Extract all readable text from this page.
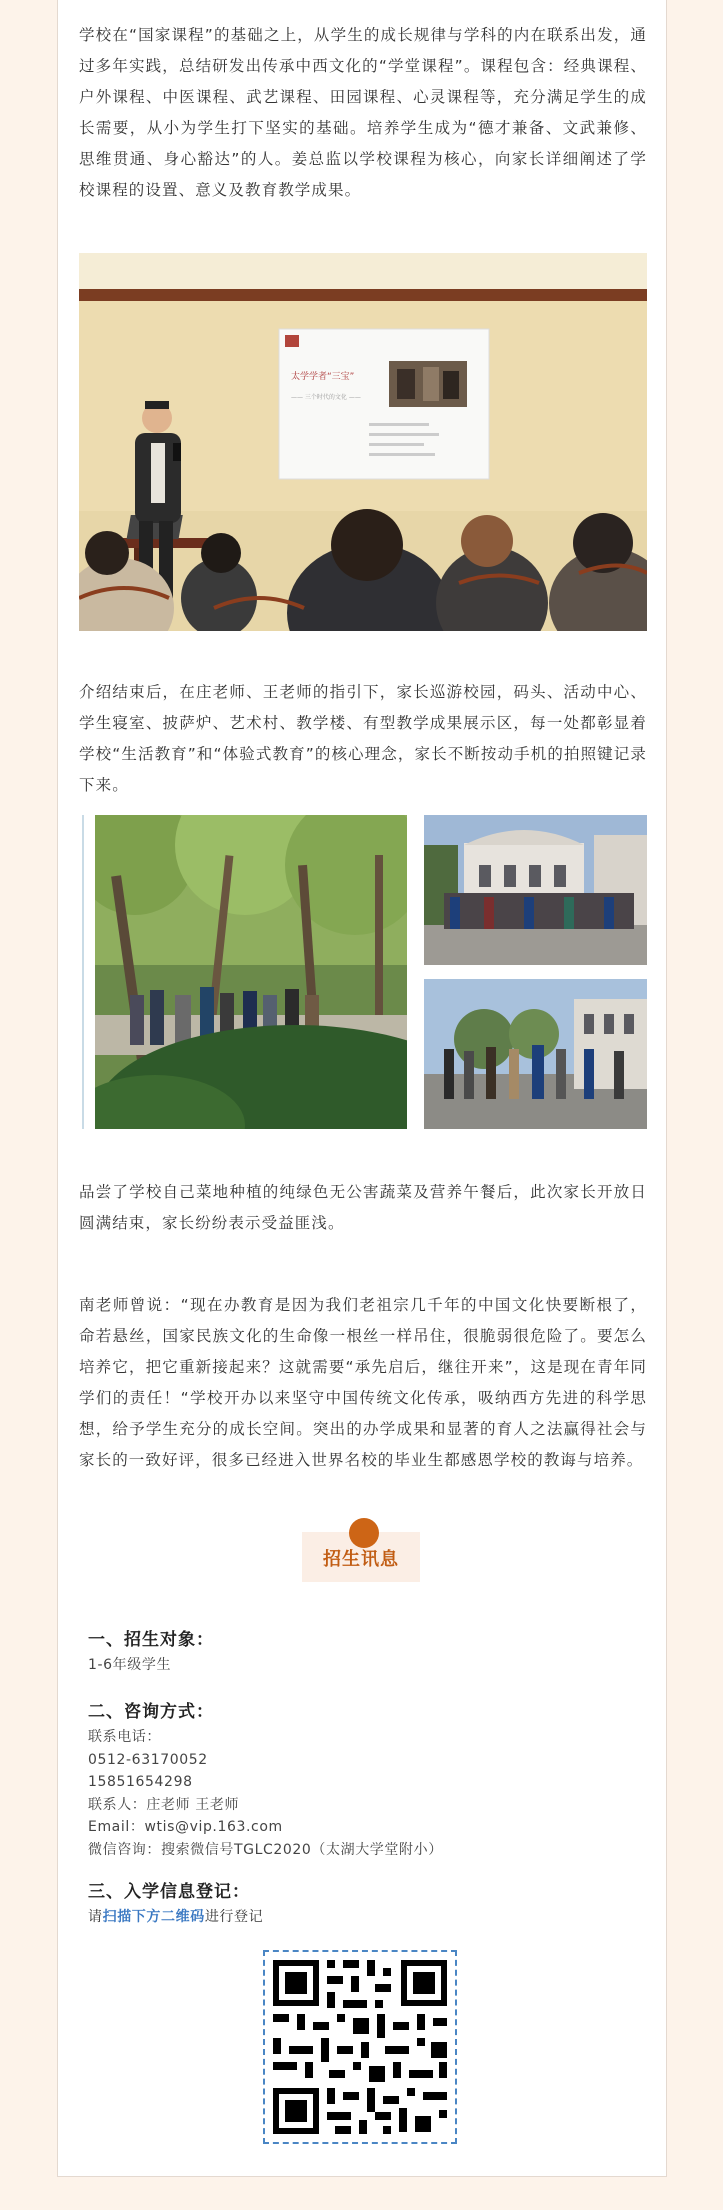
学校在“国家课程”的基础之上，从学生的成长规律与学科的内在联系出发，通过多年实践，总结研发出传承中西文化的“学堂课程”。课程包含：经典课程、户外课程、中医课程、武艺课程、田园课程、心灵课程等，充分满足学生的成长需要，从小为学生打下坚实的基础。培养学生成为“德才兼备、文武兼修、思维贯通、身心豁达”的人。姜总监以学校课程为核心，向家长详细阐述了学校课程的设置、意义及教育教学成果。

太学学者“三宝”
—— 三个时代的文化 ——

介绍结束后，在庄老师、王老师的指引下，家长巡游校园，码头、活动中心、学生寝室、披萨炉、艺术村、教学楼、有型教学成果展示区，每一处都彰显着学校“生活教育”和“体验式教育”的核心理念，家长不断按动手机的拍照键记录下来。

品尝了学校自己菜地种植的纯绿色无公害蔬菜及营养午餐后，此次家长开放日圆满结束，家长纷纷表示受益匪浅。

南老师曾说：“现在办教育是因为我们老祖宗几千年的中国文化快要断根了，命若悬丝，国家民族文化的生命像一根丝一样吊住，很脆弱很危险了。要怎么培养它，把它重新接起来？这就需要“承先启后，继往开来”，这是现在青年同学们的责任！“学校开办以来坚守中国传统文化传承，吸纳西方先进的科学思想，给予学生充分的成长空间。突出的办学成果和显著的育人之法赢得社会与家长的一致好评，很多已经进入世界名校的毕业生都感恩学校的教诲与培养。

招生讯息
一、招生对象：
1-6年级学生
二、咨询方式：
联系电话：
0512-63170052
15851654298
联系人：庄老师 王老师
Email：wtis@vip.163.com
微信咨询：搜索微信号TGLC2020（太湖大学堂附小）
三、入学信息登记：
请扫描下方二维码进行登记
